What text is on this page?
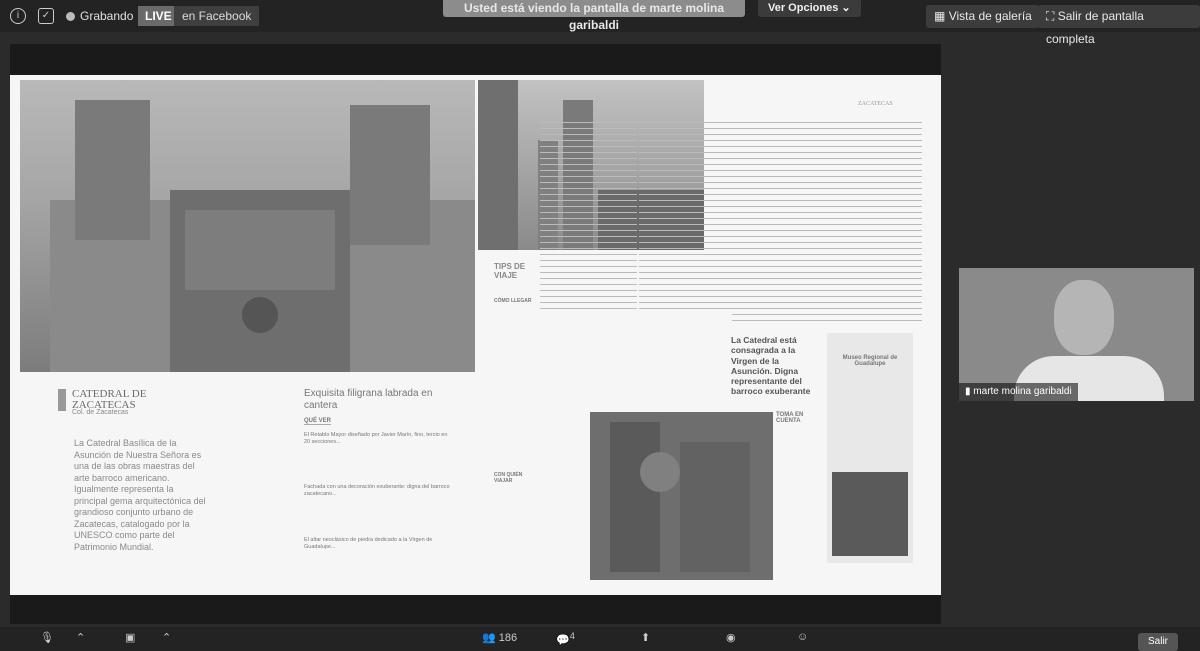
i	✓	Grabando LIVE en Facebook
Usted está viendo la pantalla de marte molina garibaldi
Ver Opciones ⌄
▦ Vista de galería	⛶ Salir de pantalla completa
ZACATECAS
CATEDRAL DE
ZACATECAS
Col. de Zacatecas
La Catedral Basílica de la Asunción de Nuestra Señora es una de las obras maestras del arte barroco americano. Igualmente representa la principal gema arquitectónica del grandioso conjunto urbano de Zacatecas, catalogado por la UNESCO como parte del Patrimonio Mundial.
Exquisita filigrana labrada en cantera
QUÉ VER
El Retablo Mayor diseñado por Javier Marín, fino, tercio en 20 secciones...
Fachada con una decoración exuberante: digna del barroco zacatecano...
El altar neoclásico de piedra dedicado a la Virgen de Guadalupe...
TIPS DE VIAJE
CÓMO LLEGAR
CON QUIÉN VIAJAR
La Catedral está consagrada a la Virgen de la Asunción. Digna representante del barroco exuberante
TOMA EN CUENTA
Museo Regional de Guadalupe
▮ marte molina garibaldi
🎙 ⌃	▣ ⌃	👥 186	💬$^4$	⬆	◉	☺	Salir
